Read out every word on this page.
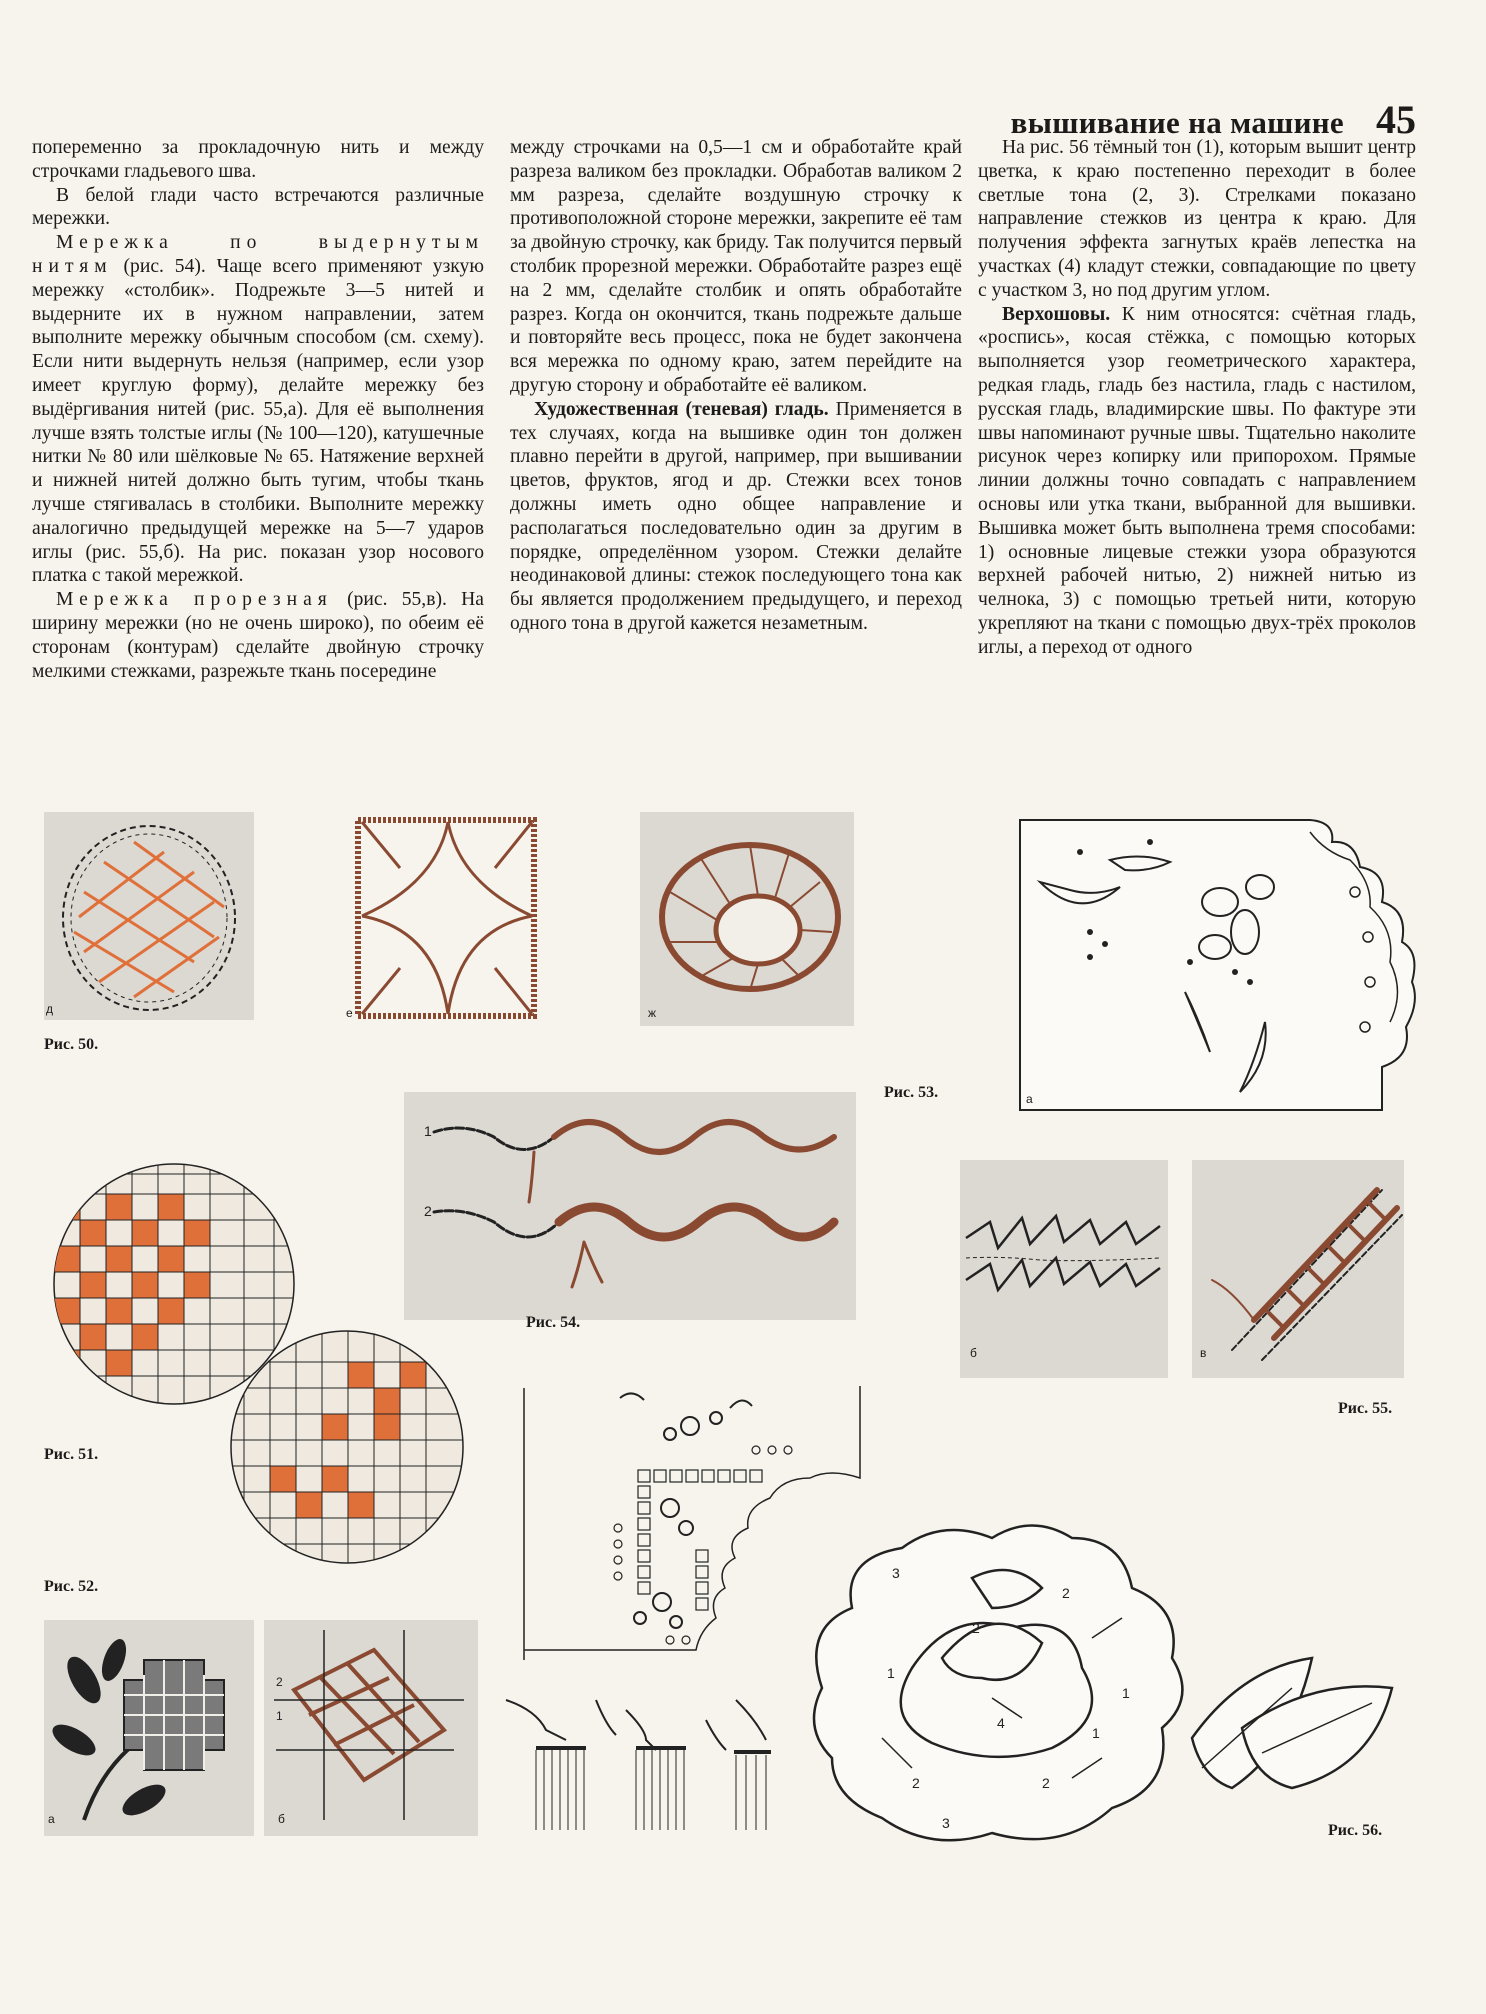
вышивание на машине 45

попеременно за прокладочную нить и между строчками гладьевого шва.

В белой глади часто встречаются различные мережки.

Мережка по выдернутым нитям (рис. 54). Чаще всего применяют узкую мережку «столбик». Подрежьте 3—5 нитей и выдерните их в нужном направлении, затем выполните мережку обычным способом (см. схему). Если нити выдернуть нельзя (например, если узор имеет круглую форму), делайте мережку без выдёргивания нитей (рис. 55,а). Для её выполнения лучше взять толстые иглы (№ 100—120), катушечные нитки № 80 или шёлковые № 65. Натяжение верхней и нижней нитей должно быть тугим, чтобы ткань лучше стягивалась в столбики. Выполните мережку аналогично предыдущей мережке на 5—7 ударов иглы (рис. 55,б). На рис. показан узор носового платка с такой мережкой.

Мережка прорезная (рис. 55,в). На ширину мережки (но не очень широко), по обеим её сторонам (контурам) сделайте двойную строчку мелкими стежками, разрежьте ткань посередине

между строчками на 0,5—1 см и обработайте край разреза валиком без прокладки. Обработав валиком 2 мм разреза, сделайте воздушную строчку к противоположной стороне мережки, закрепите её там за двойную строчку, как бриду. Так получится первый столбик прорезной мережки. Обработайте разрез ещё на 2 мм, сделайте столбик и опять обработайте разрез. Когда он окончится, ткань подрежьте дальше и повторяйте весь процесс, пока не будет закончена вся мережка по одному краю, затем перейдите на другую сторону и обработайте её валиком.

Художественная (теневая) гладь. Применяется в тех случаях, когда на вышивке один тон должен плавно перейти в другой, например, при вышивании цветов, фруктов, ягод и др. Стежки всех тонов должны иметь одно общее направление и располагаться последовательно один за другим в порядке, определённом узором. Стежки делайте неодинаковой длины: стежок последующего тона как бы является продолжением предыдущего, и переход одного тона в другой кажется незаметным.

На рис. 56 тёмный тон (1), которым вышит центр цветка, к краю постепенно переходит в более светлые тона (2, 3). Стрелками показано направление стежков из центра к краю. Для получения эффекта загнутых краёв лепестка на участках (4) кладут стежки, совпадающие по цвету с участком 3, но под другим углом.

Верхошовы. К ним относятся: счётная гладь, «роспись», косая стёжка, с помощью которых выполняется узор геометрического характера, редкая гладь, гладь без настила, гладь с настилом, русская гладь, владимирские швы. По фактуре эти швы напоминают ручные швы. Тщательно наколите рисунок через копирку или припорохом. Прямые линии должны точно совпадать с направлением основы или утка ткани, выбранной для вышивки. Вышивка может быть выполнена тремя способами: 1) основные лицевые стежки узора образуются верхней рабочей нитью, 2) нижней нитью из челнока, 3) с помощью третьей нити, которую укрепляют на ткани с помощью двух-трёх проколов иглы, а переход от одного

д
Рис. 50.
е	ж
а
Рис. 53.
1
2
Рис. 54.
Рис. 51.
Рис. 52.
б	в
Рис. 55.
а
2
1
б
1
2
3
4
2
1
2
3
2
1
Рис. 56.
